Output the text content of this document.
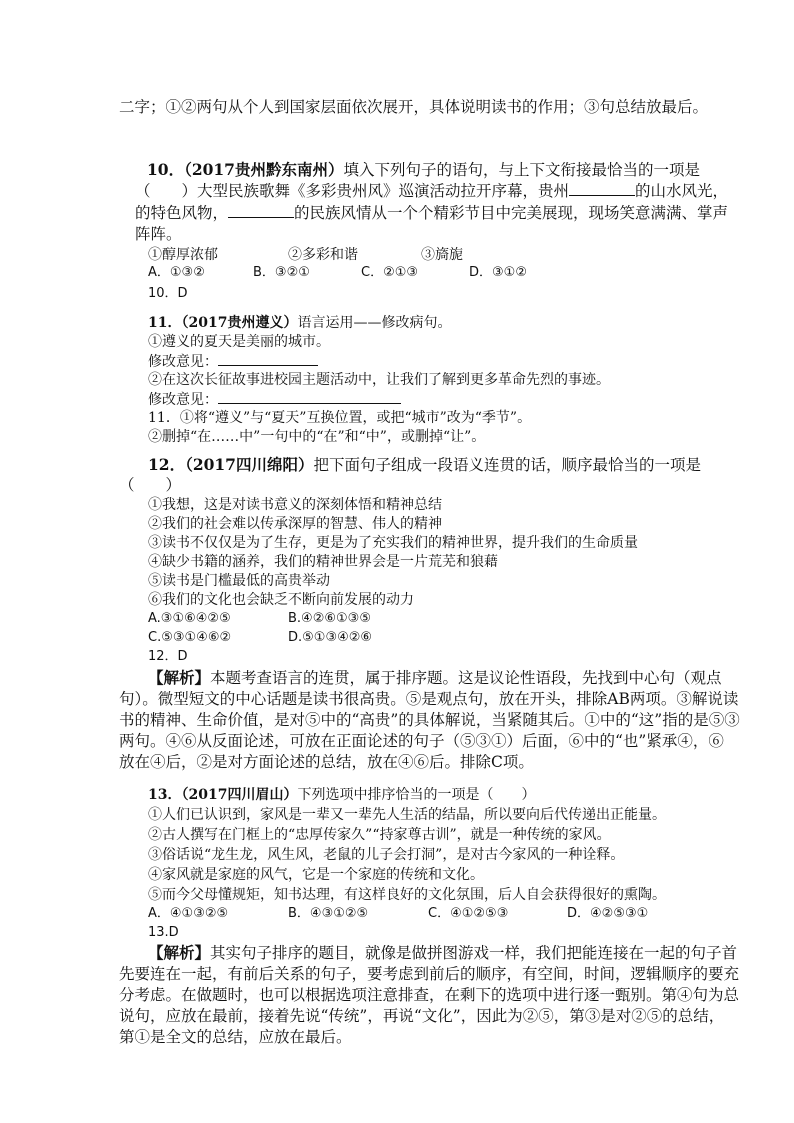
二字；①②两句从个人到国家层面依次展开，具体说明读书的作用；③句总结放最后。
10．（2017贵州黔东南州）填入下列句子的语句，与上下文衔接最恰当的一项是
（　　）大型民族歌舞《多彩贵州风》巡演活动拉开序幕，贵州	的山水风光，
的特色风物，	的民族风情从一个个精彩节目中完美展现，现场笑意满满、掌声
阵阵。
①醇厚浓郁	②多彩和谐	③旖旎
A．①③②	B．③②①	C．②①③	D．③①②
10．D
11．（2017贵州遵义）语言运用——修改病句。
①遵义的夏天是美丽的城市。
修改意见：
②在这次长征故事进校园主题活动中，让我们了解到更多革命先烈的事迹。
修改意见：
11．①将“遵义”与“夏天”互换位置，或把“城市”改为“季节”。
②删掉“在……中”一句中的“在”和“中”，或删掉“让”。
12．（2017四川绵阳）把下面句子组成一段语义连贯的话，顺序最恰当的一项是
（　　）
①我想，这是对读书意义的深刻体悟和精神总结
②我们的社会难以传承深厚的智慧、伟人的精神
③读书不仅仅是为了生存，更是为了充实我们的精神世界，提升我们的生命质量
④缺少书籍的涵养，我们的精神世界会是一片荒芜和狼藉
⑤读书是门槛最低的高贵举动
⑥我们的文化也会缺乏不断向前发展的动力
A.③①⑥④②⑤	B.④②⑥①③⑤
C.⑤③①④⑥②	D.⑤①③④②⑥
12．D
【解析】本题考查语言的连贯，属于排序题。这是议论性语段，先找到中心句（观点
句）。微型短文的中心话题是读书很高贵。⑤是观点句，放在开头，排除AB两项。③解说读
书的精神、生命价值，是对⑤中的“高贵”的具体解说，当紧随其后。①中的“这”指的是⑤③
两句。④⑥从反面论述，可放在正面论述的句子（⑤③①）后面，⑥中的“也”紧承④，⑥
放在④后，②是对方面论述的总结，放在④⑥后。排除C项。
13．（2017四川眉山）下列选项中排序恰当的一项是（　　）
①人们已认识到，家风是一辈又一辈先人生活的结晶，所以要向后代传递出正能量。
②古人撰写在门框上的“忠厚传家久”“持家尊古训”，就是一种传统的家风。
③俗话说“龙生龙，风生风，老鼠的儿子会打洞”，是对古今家风的一种诠释。
④家风就是家庭的风气，它是一个家庭的传统和文化。
⑤而今父母懂规矩，知书达理，有这样良好的文化氛围，后人自会获得很好的熏陶。
A．④①③②⑤	B．④③①②⑤	C．④①②⑤③	D．④②⑤③①
13.D
【解析】其实句子排序的题目，就像是做拼图游戏一样，我们把能连接在一起的句子首
先要连在一起，有前后关系的句子，要考虑到前后的顺序，有空间，时间，逻辑顺序的要充
分考虑。在做题时，也可以根据选项注意排查，在剩下的选项中进行逐一甄别。第④句为总
说句，应放在最前，接着先说“传统”，再说“文化”，因此为②⑤，第③是对②⑤的总结，
第①是全文的总结，应放在最后。
